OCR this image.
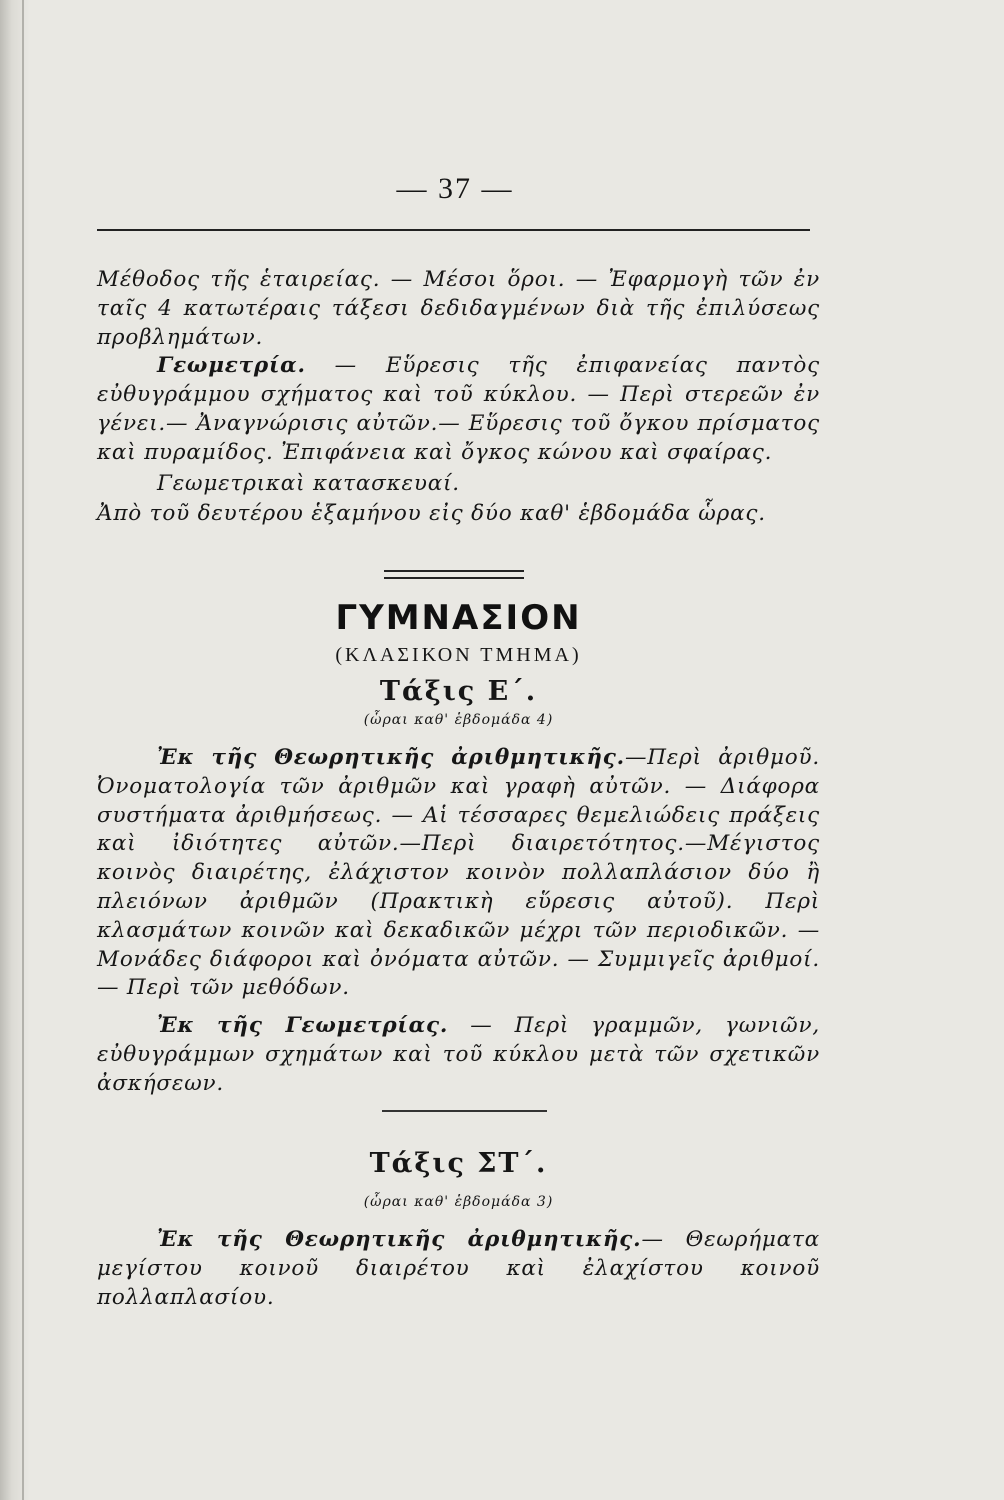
— 37 —

Μέθοδος τῆς ἑταιρείας. — Μέσοι ὅροι. — Ἐφαρμογὴ τῶν ἐν ταῖς 4 κατωτέραις τάξεσι δεδιδαγμένων διὰ τῆς ἐπιλύσεως προβλημάτων.

Γεωμετρία. — Εὕρεσις τῆς ἐπιφανείας παντὸς εὐθυγράμμου σχήματος καὶ τοῦ κύκλου. — Περὶ στερεῶν ἐν γένει.— Ἀναγνώρισις αὐτῶν.— Εὕρεσις τοῦ ὄγκου πρίσματος καὶ πυραμίδος. Ἐπιφάνεια καὶ ὄγκος κώνου καὶ σφαίρας.

Γεωμετρικαὶ κατασκευαί.

Ἀπὸ τοῦ δευτέρου ἑξαμήνου εἰς δύο καθ' ἑβδομάδα ὧρας.

ΓΥΜΝΑΣΙΟΝ
(ΚΛΑΣΙΚΟΝ ΤΜΗΜΑ)
Τάξις Ε΄.
(ὧραι καθ' ἑβδομάδα 4)

Ἐκ τῆς Θεωρητικῆς ἀριθμητικῆς.—Περὶ ἀριθμοῦ. Ὀνοματολογία τῶν ἀριθμῶν καὶ γραφὴ αὐτῶν. — Διάφορα συστήματα ἀριθμήσεως. — Αἱ τέσσαρες θεμελιώδεις πράξεις καὶ ἰδιότητες αὐτῶν.—Περὶ διαιρετότητος.—Μέγιστος κοινὸς διαιρέτης, ἐλάχιστον κοινὸν πολλαπλάσιον δύο ἢ πλειόνων ἀριθμῶν (Πρακτικὴ εὕρεσις αὐτοῦ). Περὶ κλασμάτων κοινῶν καὶ δεκαδικῶν μέχρι τῶν περιοδικῶν. — Μονάδες διάφοροι καὶ ὀνόματα αὐτῶν. — Συμμιγεῖς ἀριθμοί. — Περὶ τῶν μεθόδων.

Ἐκ τῆς Γεωμετρίας. — Περὶ γραμμῶν, γωνιῶν, εὐθυγράμμων σχημάτων καὶ τοῦ κύκλου μετὰ τῶν σχετικῶν ἀσκήσεων.

Τάξις ΣΤ΄.
(ὧραι καθ' ἑβδομάδα 3)

Ἐκ τῆς Θεωρητικῆς ἀριθμητικῆς.— Θεωρήματα μεγίστου κοινοῦ διαιρέτου καὶ ἐλαχίστου κοινοῦ πολλαπλασίου.
